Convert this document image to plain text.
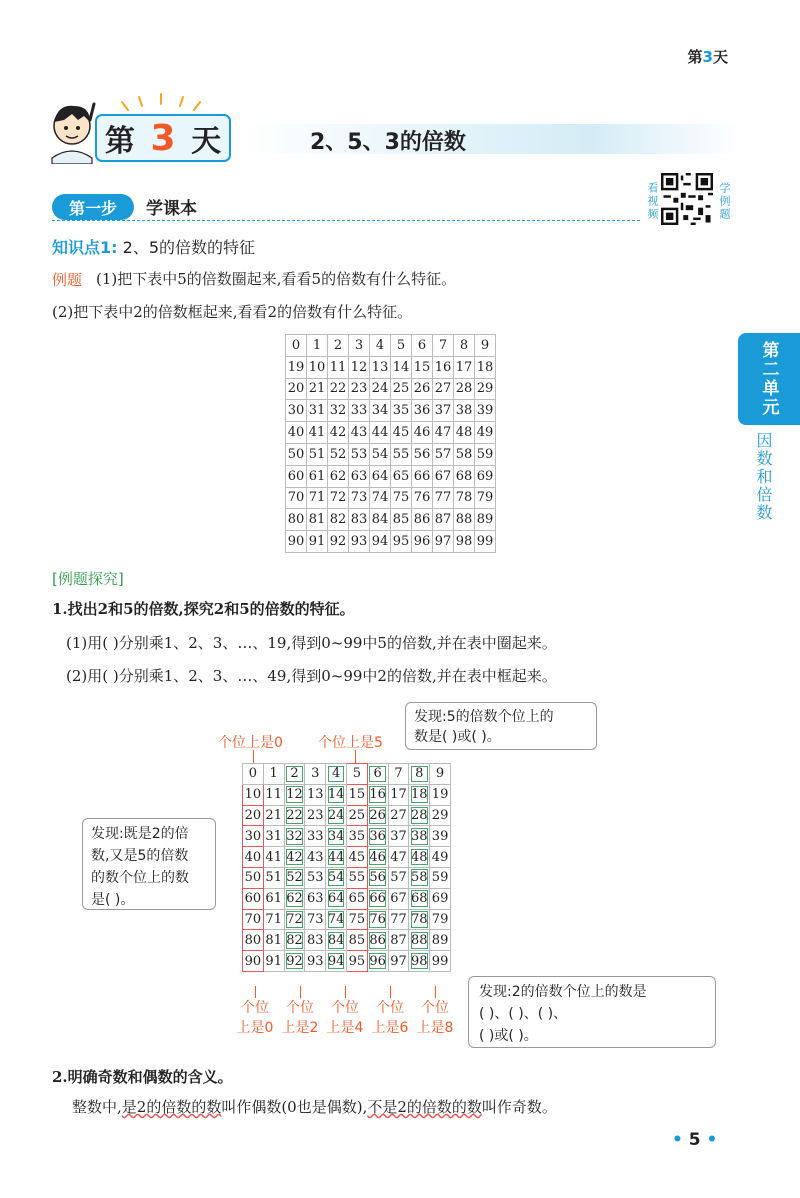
第3天
第 3 天	2、5、3的倍数
第一步	学课本	看视频	学例题
知识点1: 2、5的倍数的特征
例题 (1)把下表中5的倍数圈起来,看看5的倍数有什么特征。
(2)把下表中2的倍数框起来,看看2的倍数有什么特征。
第二单元
因数和倍数
0	1	2	3	4	5	6	7	8	9
19	10	11	12	13	14	15	16	17	18
20	21	22	23	24	25	26	27	28	29
30	31	32	33	34	35	36	37	38	39
40	41	42	43	44	45	46	47	48	49
50	51	52	53	54	55	56	57	58	59
60	61	62	63	64	65	66	67	68	69
70	71	72	73	74	75	76	77	78	79
80	81	82	83	84	85	86	87	88	89
90	91	92	93	94	95	96	97	98	99
[例题探究]
1.找出2和5的倍数,探究2和5的倍数的特征。
(1)用( )分别乘1、2、3、…、19,得到0~99中5的倍数,并在表中圈起来。
(2)用( )分别乘1、2、3、…、49,得到0~99中2的倍数,并在表中框起来。
个位上是0	个位上是5
发现:5的倍数个位上的
数是( )或( )。
0	1	2	3	4	5	6	7	8	9
10	11	12	13	14	15	16	17	18	19
20	21	22	23	24	25	26	27	28	29
30	31	32	33	34	35	36	37	38	39
40	41	42	43	44	45	46	47	48	49
50	51	52	53	54	55	56	57	58	59
60	61	62	63	64	65	66	67	68	69
70	71	72	73	74	75	76	77	78	79
80	81	82	83	84	85	86	87	88	89
90	91	92	93	94	95	96	97	98	99
发现:既是2的倍
数,又是5的倍数
的数个位上的数
是( )。
个位
上是0
个位
上是2
个位
上是4
个位
上是6
个位
上是8
发现:2的倍数个位上的数是
( )、( )、( )、
( )或( )。
2.明确奇数和偶数的含义。
整数中,是2的倍数的数叫作偶数(0也是偶数),不是2的倍数的数叫作奇数。
• 5 •
